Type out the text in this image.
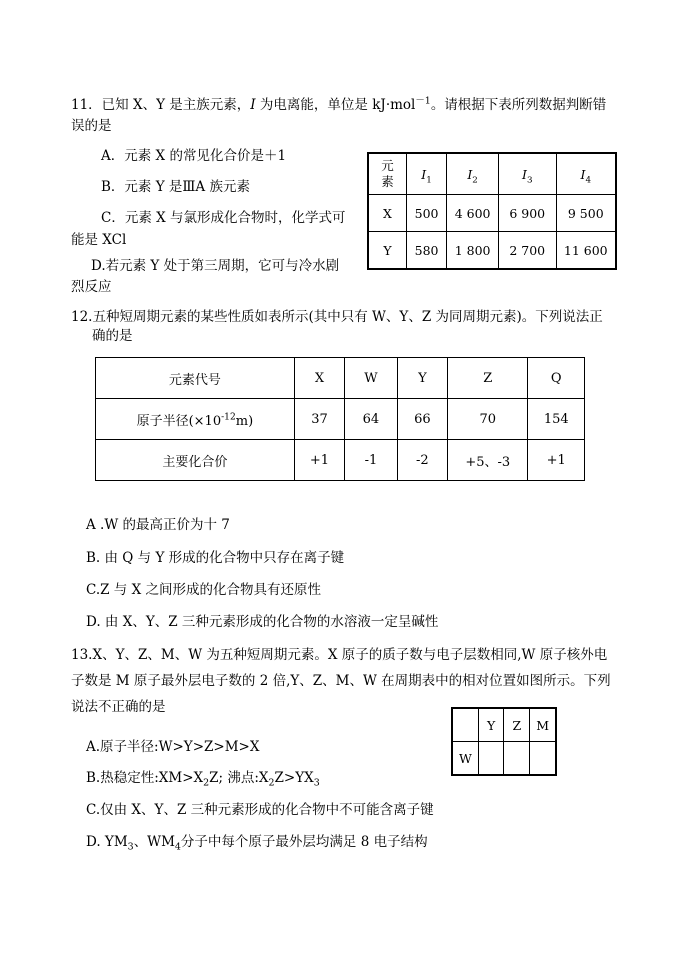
11．已知 X、Y 是主族元素，I 为电离能，单位是 kJ·mol$^{-1}$。请根据下表所列数据判断错
误的是
A．元素 X 的常见化合价是＋1
B．元素 Y 是ⅢA 族元素
C．元素 X 与氯形成化合物时，化学式可
能是 XCl
D.若元素 Y 处于第三周期，它可与冷水剧
烈反应
元
素	$I_1$	$I_2$	$I_3$	$I_4$
X	500	4 600	6 900	9 500
Y	580	1 800	2 700	11 600
12.五种短周期元素的某些性质如表所示(其中只有 W、Y、Z 为同周期元素)。下列说法正
确的是
元素代号	X	W	Y	Z	Q
原子半径$(\times 10^{-12}m)$	37	64	66	70	154
主要化合价	+1	-1	-2	+5、-3	+1
A .W 的最高正价为十 7
B. 由 Q 与 Y 形成的化合物中只存在离子键
C.Z 与 X 之间形成的化合物具有还原性
D. 由 X、Y、Z 三种元素形成的化合物的水溶液一定呈碱性
13.X、Y、Z、M、W 为五种短周期元素。X 原子的质子数与电子层数相同,W 原子核外电
子数是 M 原子最外层电子数的 2 倍,Y、Z、M、W 在周期表中的相对位置如图所示。下列
说法不正确的是
	Y	Z	M
W			
A.原子半径:W>Y>Z>M>X
B.热稳定性$:XM>X_2Z$; 沸点$:X_2Z>YX_3$
C.仅由 X、Y、Z 三种元素形成的化合物中不可能含离子键
D. $YM_3$、$WM_4$分子中每个原子最外层均满足 8 电子结构
